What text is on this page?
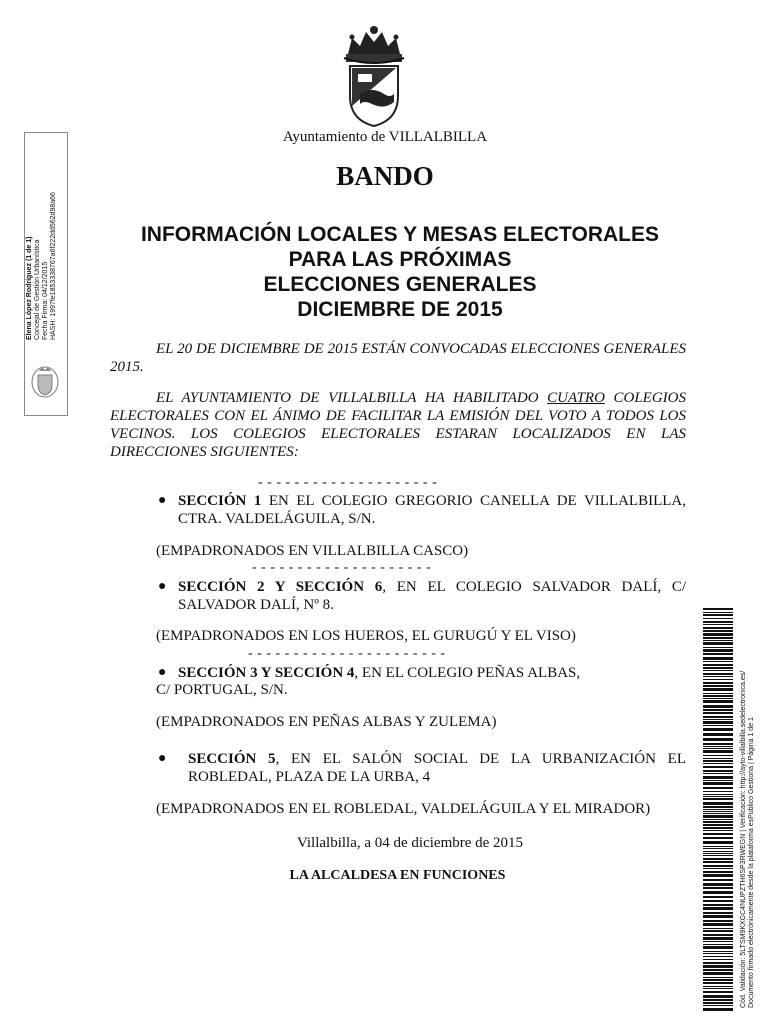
Ayuntamiento de VILLALBILLA
BANDO
INFORMACIÓN LOCALES Y MESAS ELECTORALES
PARA LAS PRÓXIMAS
ELECCIONES GENERALES
DICIEMBRE DE 2015

EL 20 DE DICIEMBRE DE 2015 ESTÁN CONVOCADAS ELECCIONES GENERALES 2015.

EL AYUNTAMIENTO DE VILLALBILLA HA HABILITADO CUATRO COLEGIOS ELECTORALES CON EL ÁNIMO DE FACILITAR LA EMISIÓN DEL VOTO A TODOS LOS VECINOS. LOS COLEGIOS ELECTORALES ESTARAN LOCALIZADOS EN LAS DIRECCIONES SIGUIENTES:

- - - - - - - - - - - - - - - - - - - -
● SECCIÓN 1 EN EL COLEGIO GREGORIO CANELLA DE VILLALBILLA, CTRA. VALDELÁGUILA, S/N.
(EMPADRONADOS EN VILLALBILLA CASCO)
- - - - - - - - - - - - - - - - - - - -
● SECCIÓN 2 Y SECCIÓN 6, EN EL COLEGIO SALVADOR DALÍ, C/ SALVADOR DALÍ, Nº 8.
(EMPADRONADOS EN LOS HUEROS, EL GURUGÚ Y EL VISO)
- - - - - - - - - - - - - - - - - - - - - -
● SECCIÓN 3 Y SECCIÓN 4, EN EL COLEGIO PEÑAS ALBAS,
C/ PORTUGAL, S/N.
(EMPADRONADOS EN PEÑAS ALBAS Y ZULEMA)
● SECCIÓN 5, EN EL SALÓN SOCIAL DE LA URBANIZACIÓN EL ROBLEDAL, PLAZA DE LA URBA, 4
(EMPADRONADOS EN EL ROBLEDAL, VALDELÁGUILA Y EL MIRADOR)
Villalbilla, a 04 de diciembre de 2015
LA ALCALDESA EN FUNCIONES
Elena López Rodríguez (1 de 1) Concejal de Gestión Urbanística Fecha Firma: 04/12/2015 HASH: 1997fe1853338767a6f222dd562d98a66
Cód. Validación: 5LTSM9KXGC4NUPZTH6SP3RWEGN | Verificación: http://ayto-villalbilla.sedelectronica.es/ Documento firmado electrónicamente desde la plataforma esPublico Gestiona | Página 1 de 1
